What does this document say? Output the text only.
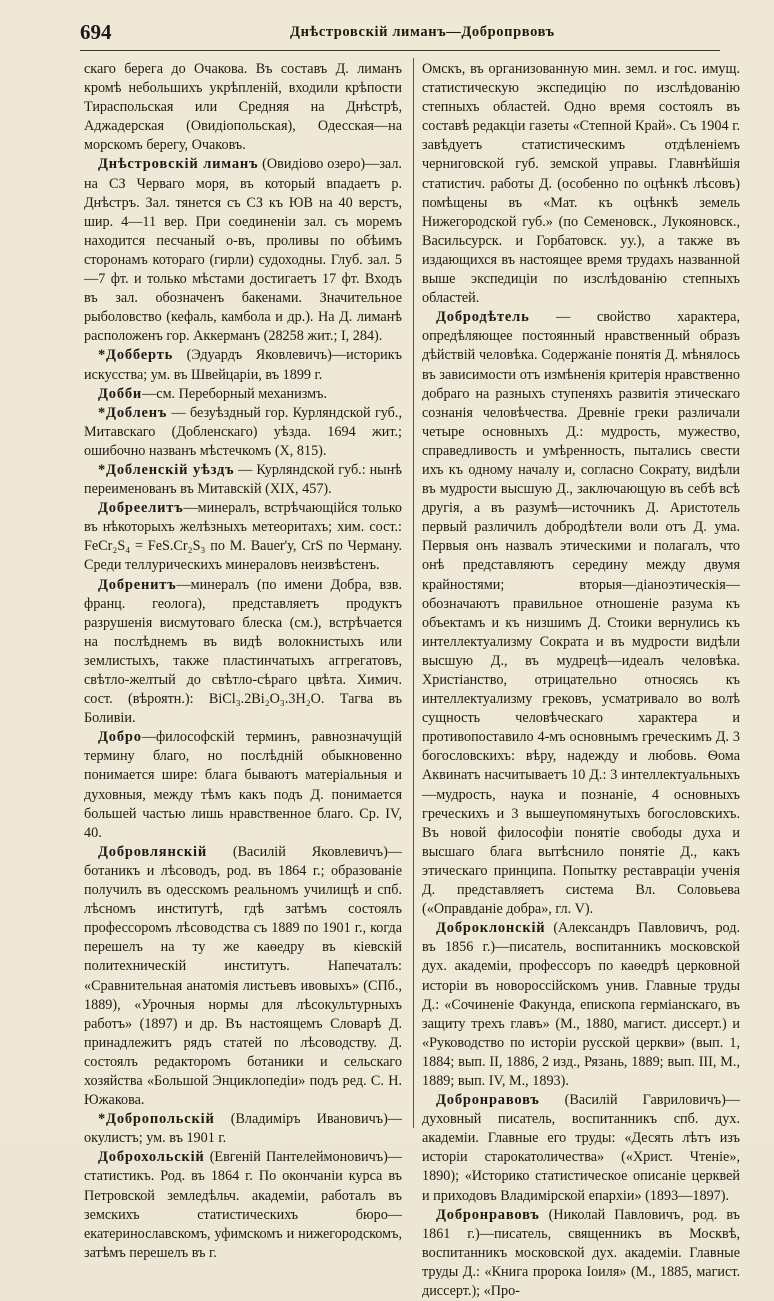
694	Днѣстровскій лиманъ—Добропрвовъ

скаго берега до Очакова. Въ составъ Д. лиманъ кромѣ небольшихъ укрѣпленій, входили крѣпости Тираспольская или Средняя на Днѣстрѣ, Аджадерская (Овидіопольская), Одесская—на морскомъ берегу, Очаковъ.

Днѣстровскій лиманъ (Овидіово озеро)—зал. на СЗ Черваго моря, въ который впадаетъ р. Днѣстръ. Зал. тянется съ СЗ къ ЮВ на 40 верстъ, шир. 4—11 вер. При соединеніи зал. съ моремъ находится песчаный о-въ, проливы по обѣимъ сторонамъ котораго (гирли) судоходны. Глуб. зал. 5—7 фт. и только мѣстами достигаетъ 17 фт. Входъ въ зал. обозначенъ бакенами. Значительное рыболовство (кефаль, камбола и др.). На Д. лиманѣ расположенъ гор. Аккерманъ (28258 жит.; I, 284).

*Добберть (Эдуардъ Яковлевичъ)—историкъ искусства; ум. въ Швейцаріи, въ 1899 г.

Добби—см. Переборный механизмъ.

*Добленъ — безуѣздный гор. Курляндской губ., Митавскаго (Добленскаго) уѣзда. 1694 жит.; ошибочно названъ мѣстечкомъ (X, 815).

*Добленскій уѣздъ — Курляндской губ.: нынѣ переименованъ въ Митавскій (XIX, 457).

Добреелитъ—минералъ, встрѣчающійся только въ нѣкоторыхъ желѣзныхъ метеоритахъ; хим. сост.: FeCr₂S₄ = FeS.Cr₂S₃ по М. Bauer'у, CrS по Черману. Среди теллурическихъ минераловъ неизвѣстенъ.

Добренитъ—минералъ (по имени Добра, взв. франц. геолога), представляетъ продуктъ разрушенія висмутоваго блеска (см.), встрѣчается на послѣднемъ въ видѣ волокнистыхъ или землистыхъ, также пластинчатыхъ аггрегатовъ, свѣтло-желтый до свѣтло-сѣраго цвѣта. Химич. сост. (вѣроятн.): BiCl₃.2Bi₂O₃.3H₂O. Тагва въ Боливіи.

Добро—философскій терминъ, равнозначущій термину благо, но послѣдній обыкновенно понимается шире: блага бываютъ матеріальныя и духовныя, между тѣмъ какъ подъ Д. понимается большей частью лишь нравственное благо. Ср. IV, 40.

Добровлянскій (Василій Яковлевичъ)—ботаникъ и лѣсоводъ, род. въ 1864 г.; образованіе получилъ въ одесскомъ реальномъ училищѣ и спб. лѣсномъ институтѣ, гдѣ затѣмъ состоялъ профессоромъ лѣсоводства съ 1889 по 1901 г., когда перешелъ на ту же каѳедру въ кіевскій политехническій институтъ. Напечаталъ: «Сравнительная анатомія листьевъ ивовыхъ» (СПб., 1889), «Урочныя нормы для лѣсокультурныхъ работъ» (1897) и др. Въ настоящемъ Словарѣ Д. принадлежитъ рядъ статей по лѣсоводству. Д. состоялъ редакторомъ ботаники и сельскаго хозяйства «Большой Энциклопедіи» подъ ред. С. Н. Южакова.

*Добропольскій (Владиміръ Ивановичъ)—окулистъ; ум. въ 1901 г.

Доброхольскій (Евгеній Пантелеймоновичъ)—статистикъ. Род. въ 1864 г. По окончаніи курса въ Петровской земледѣльч. академіи, работалъ въ земскихъ статистическихъ бюро—екатеринославскомъ, уфимскомъ и нижегородскомъ, затѣмъ перешелъ въ г.

Омскъ, въ организованную мин. земл. и гос. имущ. статистическую экспедицію по изслѣдованію степныхъ областей. Одно время состоялъ въ составѣ редакціи газеты «Степной Край». Съ 1904 г. завѣдуетъ статистическимъ отдѣленіемъ черниговской губ. земской управы. Главнѣйшія статистич. работы Д. (особенно по оцѣнкѣ лѣсовъ) помѣщены въ «Мат. къ оцѣнкѣ земель Нижегородской губ.» (по Семеновск., Лукояновск., Васильсурск. и Горбатовск. уу.), а также въ издающихся въ настоящее время трудахъ названной выше экспедиціи по изслѣдованію степныхъ областей.

Добродѣтель — свойство характера, опредѣляющее постоянный нравственный образъ дѣйствій человѣка. Содержаніе понятія Д. мѣнялось въ зависимости отъ измѣненія критерія нравственно добраго на разныхъ ступеняхъ развитія этическаго сознанія человѣчества. Древніе греки различали четыре основныхъ Д.: мудрость, мужество, справедливость и умѣренность, пытались свести ихъ къ одному началу и, согласно Сократу, видѣли въ мудрости высшую Д., заключающую въ себѣ всѣ другія, а въ разумѣ—источникъ Д. Аристотель первый различилъ добродѣтели воли отъ Д. ума. Первыя онъ назвалъ этическими и полагалъ, что онѣ представляютъ середину между двумя крайностями; вторыя—діаноэтическія—обозначаютъ правильное отношеніе разума къ объектамъ и къ низшимъ Д. Стоики вернулись къ интеллектуализму Сократа и въ мудрости видѣли высшую Д., въ мудрецѣ—идеалъ человѣка. Христіанство, отрицательно относясь къ интеллектуализму грековъ, усматривало во волѣ сущность человѣческаго характера и противопоставило 4-мъ основнымъ греческимъ Д. 3 богословскихъ: вѣру, надежду и любовь. Ѳома Аквинатъ насчитываетъ 10 Д.: 3 интеллектуальныхъ—мудрость, наука и познаніе, 4 основныхъ греческихъ и 3 вышеупомянутыхъ богословскихъ. Въ новой философіи понятіе свободы духа и высшаго блага вытѣснило понятіе Д., какъ этическаго принципа. Попытку реставраціи ученія Д. представляетъ система Вл. Соловьева («Оправданіе добра», гл. V).

Доброклонскій (Александръ Павловичъ, род. въ 1856 г.)—писатель, воспитанникъ московской дух. академіи, профессоръ по каѳедрѣ церковной исторіи въ новороссійскомъ унив. Главные труды Д.: «Сочиненіе Факунда, епископа герміанскаго, въ защиту трехъ главъ» (М., 1880, магист. диссерт.) и «Руководство по исторіи русской церкви» (вып. 1, 1884; вып. II, 1886, 2 изд., Рязань, 1889; вып. III, М., 1889; вып. IV, М., 1893).

Добронравовъ (Василій Гавриловичъ)—духовный писатель, воспитанникъ спб. дух. академіи. Главные его труды: «Десять лѣтъ изъ исторіи старокатоличества» («Христ. Чтеніе», 1890); «Историко статистическое описаніе церквей и приходовъ Владимірской епархіи» (1893—1897).

Добронравовъ (Николай Павловичъ, род. въ 1861 г.)—писатель, священникъ въ Москвѣ, воспитанникъ московской дух. академіи. Главные труды Д.: «Книга пророка Іоиля» (М., 1885, магист. диссерт.); «Про-
